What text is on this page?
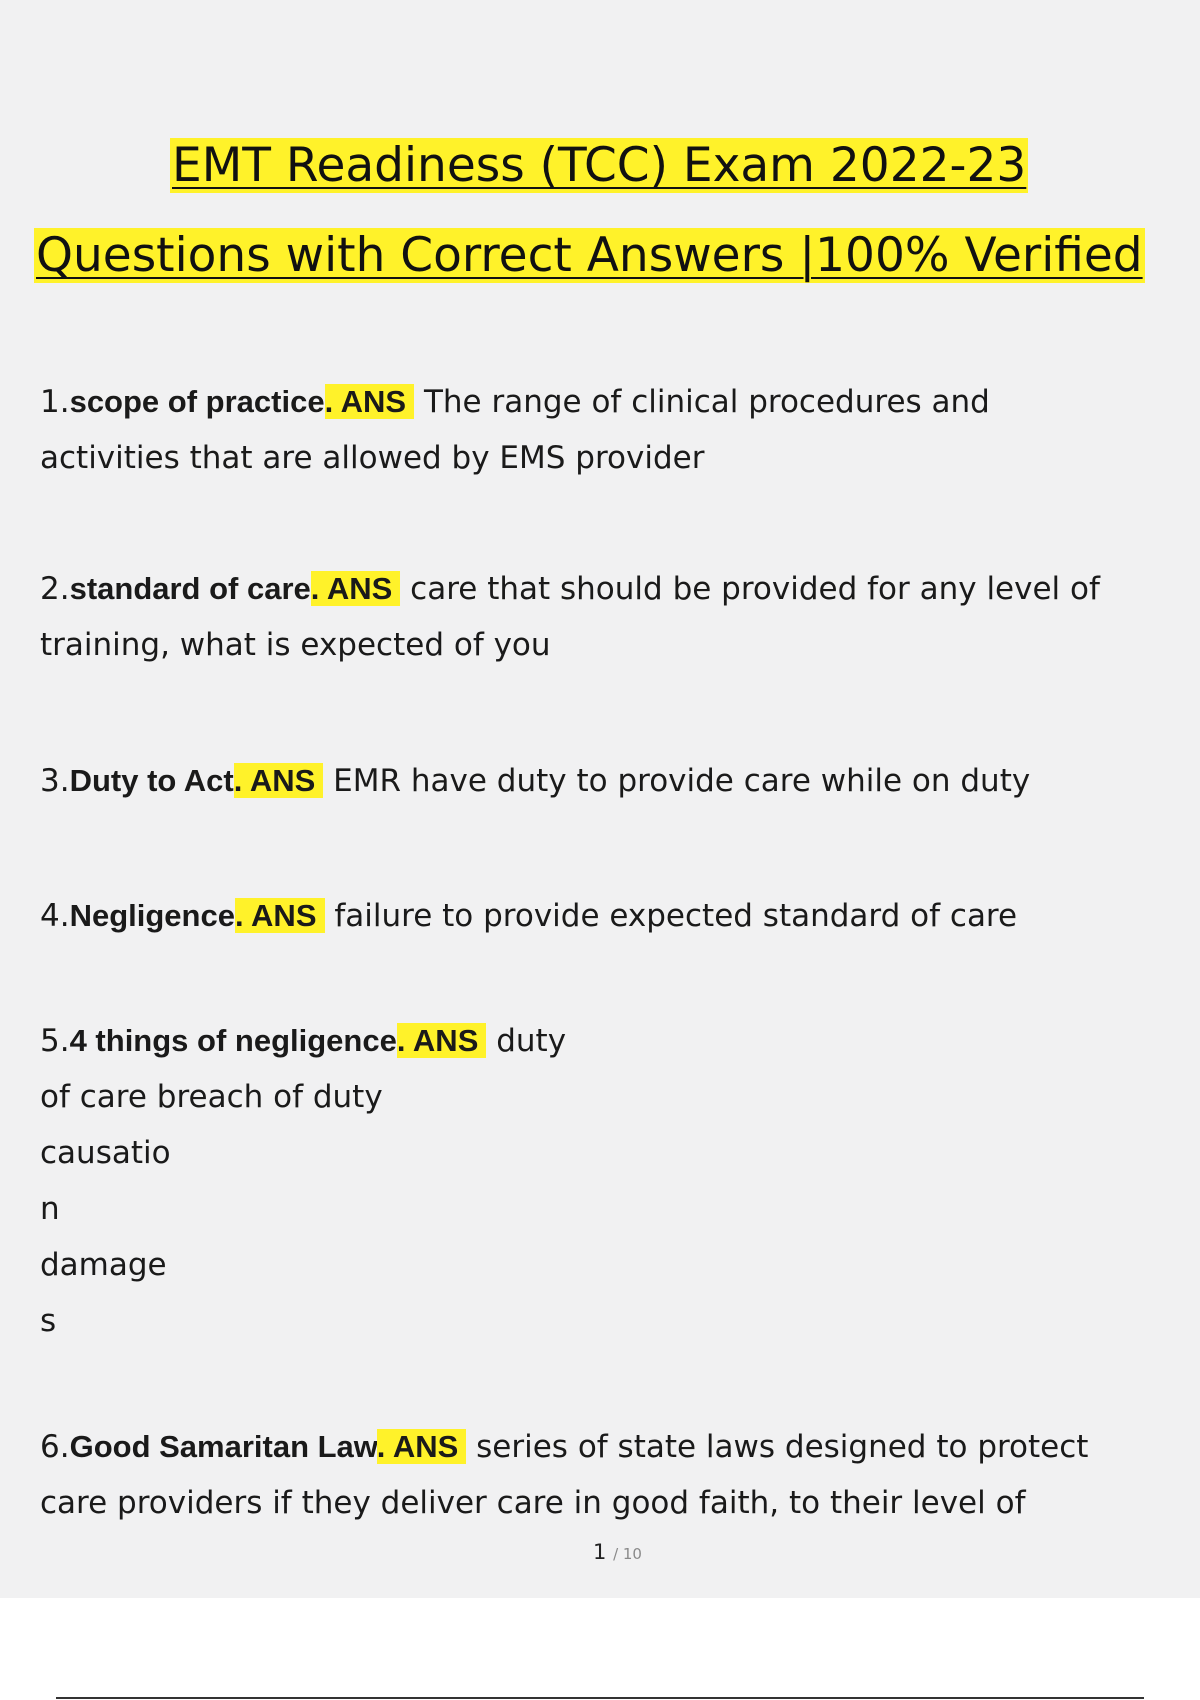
EMT Readiness (TCC) Exam 2022-23
Questions with Correct Answers |100% Verified
1.scope of practice. ANS The range of clinical procedures and
activities that are allowed by EMS provider
2.standard of care. ANS care that should be provided for any level of
training, what is expected of you
3.Duty to Act. ANS EMR have duty to provide care while on duty
4.Negligence. ANS failure to provide expected standard of care
5.4 things of negligence. ANS duty
of care breach of duty
causatio
n
damage
s
6.Good Samaritan Law. ANS series of state laws designed to protect
care providers if they deliver care in good faith, to their level of
1 / 10
